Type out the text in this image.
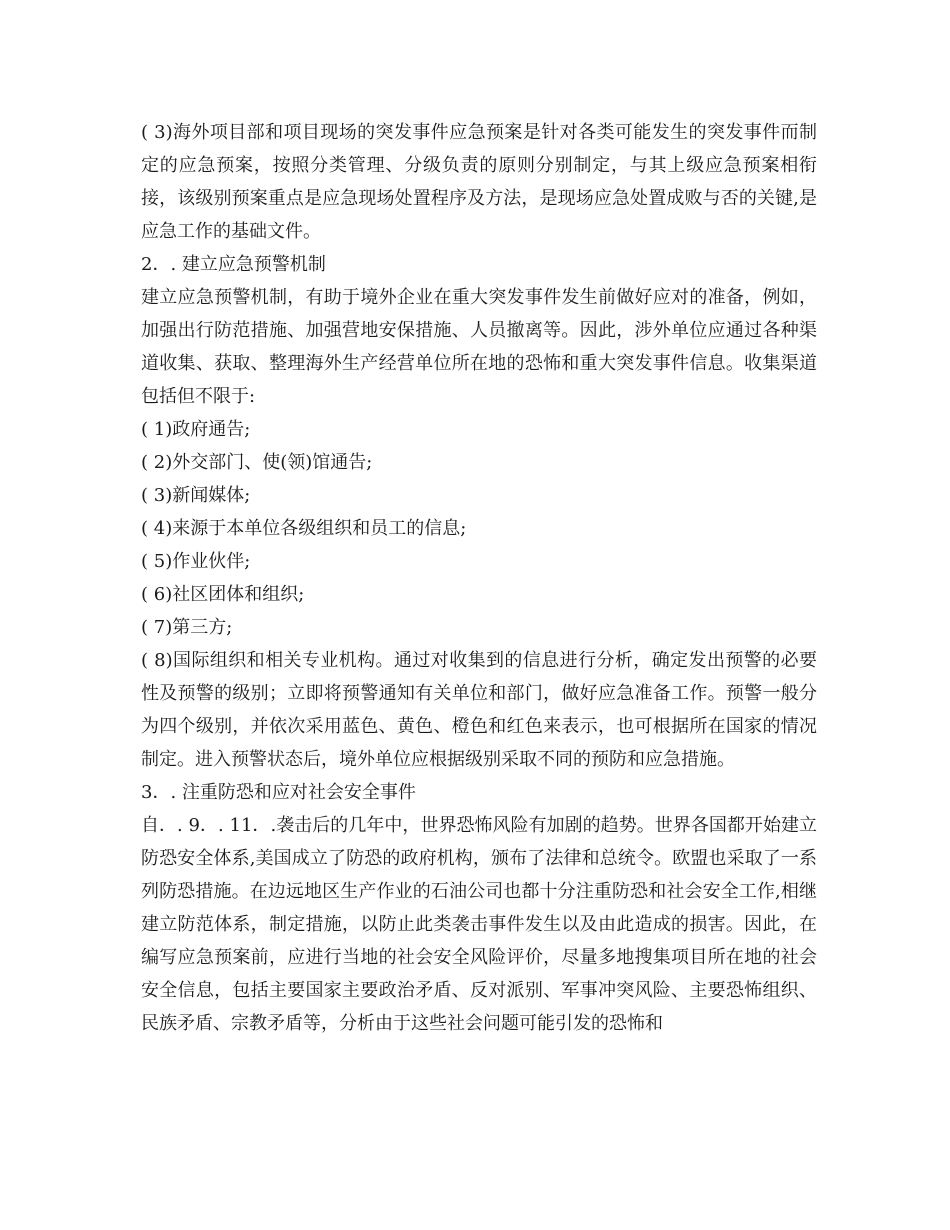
( 3)海外项目部和项目现场的突发事件应急预案是针对各类可能发生的突发事件而制定的应急预案，按照分类管理、分级负责的原则分别制定，与其上级应急预案相衔接，该级别预案重点是应急现场处置程序及方法，是现场应急处置成败与否的关键,是应急工作的基础文件。

2．. 建立应急预警机制

建立应急预警机制，有助于境外企业在重大突发事件发生前做好应对的准备，例如，加强出行防范措施、加强营地安保措施、人员撤离等。因此，涉外单位应通过各种渠道收集、获取、整理海外生产经营单位所在地的恐怖和重大突发事件信息。收集渠道包括但不限于:

( 1)政府通告;

( 2)外交部门、使(领)馆通告;

( 3)新闻媒体;

( 4)来源于本单位各级组织和员工的信息;

( 5)作业伙伴;

( 6)社区团体和组织;

( 7)第三方;

( 8)国际组织和相关专业机构。通过对收集到的信息进行分析，确定发出预警的必要性及预警的级别；立即将预警通知有关单位和部门，做好应急准备工作。预警一般分为四个级别，并依次采用蓝色、黄色、橙色和红色来表示，也可根据所在国家的情况制定。进入预警状态后，境外单位应根据级别采取不同的预防和应急措施。

3．. 注重防恐和应对社会安全事件

自．. 9．. 11．.袭击后的几年中，世界恐怖风险有加剧的趋势。世界各国都开始建立防恐安全体系,美国成立了防恐的政府机构，颁布了法律和总统令。欧盟也采取了一系列防恐措施。在边远地区生产作业的石油公司也都十分注重防恐和社会安全工作,相继建立防范体系，制定措施，以防止此类袭击事件发生以及由此造成的损害。因此，在编写应急预案前，应进行当地的社会安全风险评价，尽量多地搜集项目所在地的社会安全信息，包括主要国家主要政治矛盾、反对派别、军事冲突风险、主要恐怖组织、民族矛盾、宗教矛盾等，分析由于这些社会问题可能引发的恐怖和
